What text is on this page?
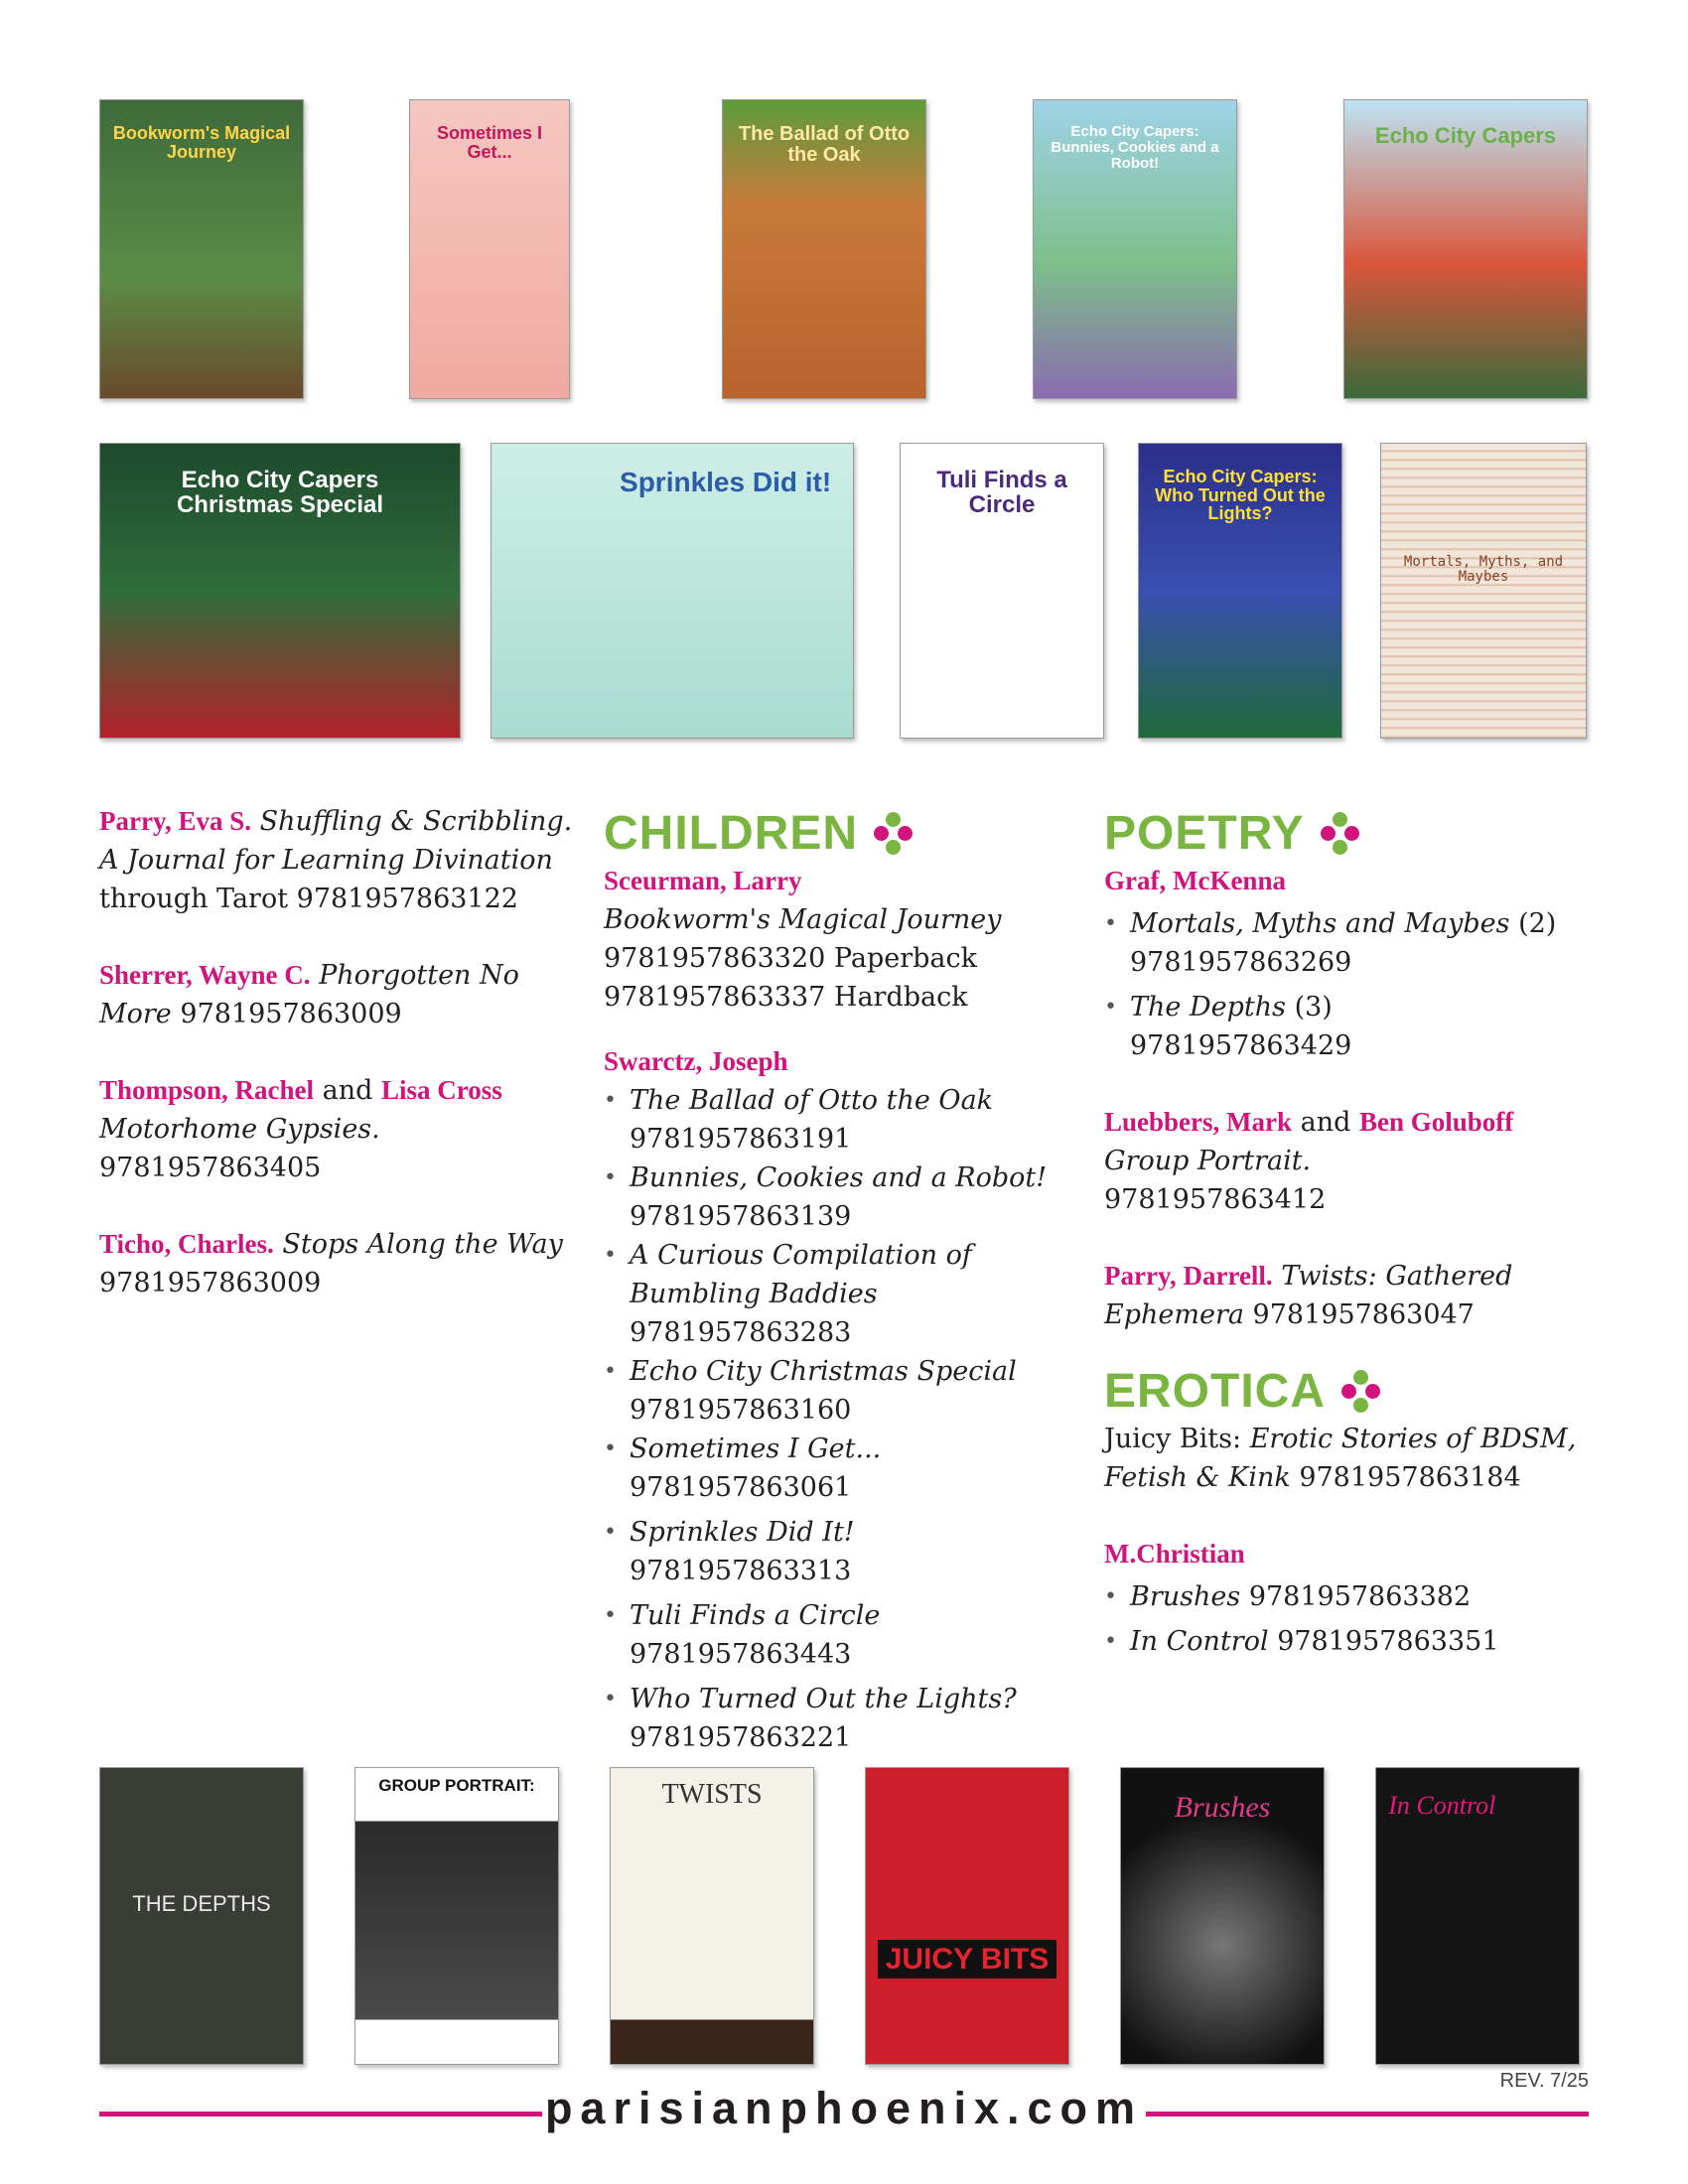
Bookworm's Magical Journey
Sometimes I Get...
The Ballad of Otto the Oak
Echo City Capers: Bunnies, Cookies and a Robot!
Echo City Capers
Echo City Capers Christmas Special
Sprinkles Did it!	Tuli Finds a Circle
Echo City Capers: Who Turned Out the Lights?
Mortals, Myths, and Maybes
Parry, Eva S. Shuffling & Scribbling. A Journal for Learning Divination through Tarot 9781957863122
Sherrer, Wayne C. Phorgotten No More 9781957863009
Thompson, Rachel and Lisa Cross
Motorhome Gypsies.
9781957863405
Ticho, Charles. Stops Along the Way 9781957863009
CHILDREN
Sceurman, Larry
Bookworm's Magical Journey
9781957863320 Paperback
9781957863337 Hardback
Swarctz, Joseph
• The Ballad of Otto the Oak
9781957863191
• Bunnies, Cookies and a Robot!
9781957863139
• A Curious Compilation of Bumbling Baddies 9781957863283
• Echo City Christmas Special
9781957863160
• Sometimes I Get... 9781957863061
• Sprinkles Did It! 9781957863313
• Tuli Finds a Circle 9781957863443
• Who Turned Out the Lights?
9781957863221
POETRY
Graf, McKenna
• Mortals, Myths and Maybes (2)
9781957863269
• The Depths (3)
9781957863429
Luebbers, Mark and Ben Goluboff
Group Portrait.
9781957863412
Parry, Darrell. Twists: Gathered Ephemera 9781957863047
EROTICA
Juicy Bits: Erotic Stories of BDSM, Fetish & Kink 9781957863184
M.Christian
• Brushes 9781957863382
• In Control 9781957863351
THE DEPTHS
GROUP PORTRAIT:	TWISTS
JUICY BITS
Brushes	In Control
REV. 7/25
parisianphoenix.com
